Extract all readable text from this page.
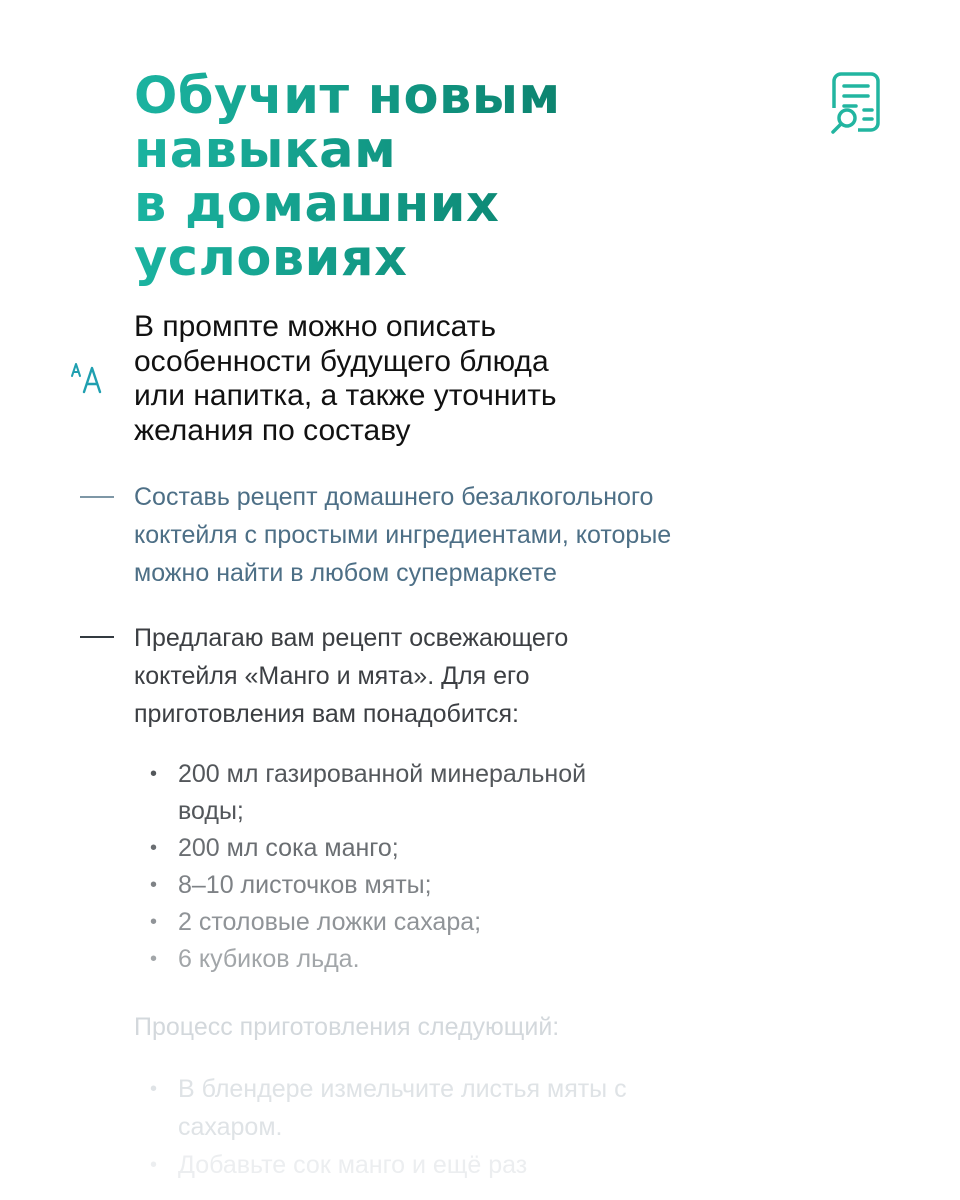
Обучит новым
навыкам
в домашних
условиях

В промпте можно описать
особенности будущего блюда
или напитка, а также уточнить
желания по составу

Составь рецепт домашнего безалкогольного
коктейля с простыми ингредиентами, которые
можно найти в любом супермаркете
Предлагаю вам рецепт освежающего
коктейля «Манго и мята». Для его
приготовления вам понадобится:
• 200 мл газированной минеральной
воды;
• 200 мл сока манго;
• 8–10 листочков мяты;
• 2 столовые ложки сахара;
• 6 кубиков льда.
Процесс приготовления следующий:
• В блендере измельчите листья мяты с
сахаром.
• Добавьте сок манго и ещё раз
